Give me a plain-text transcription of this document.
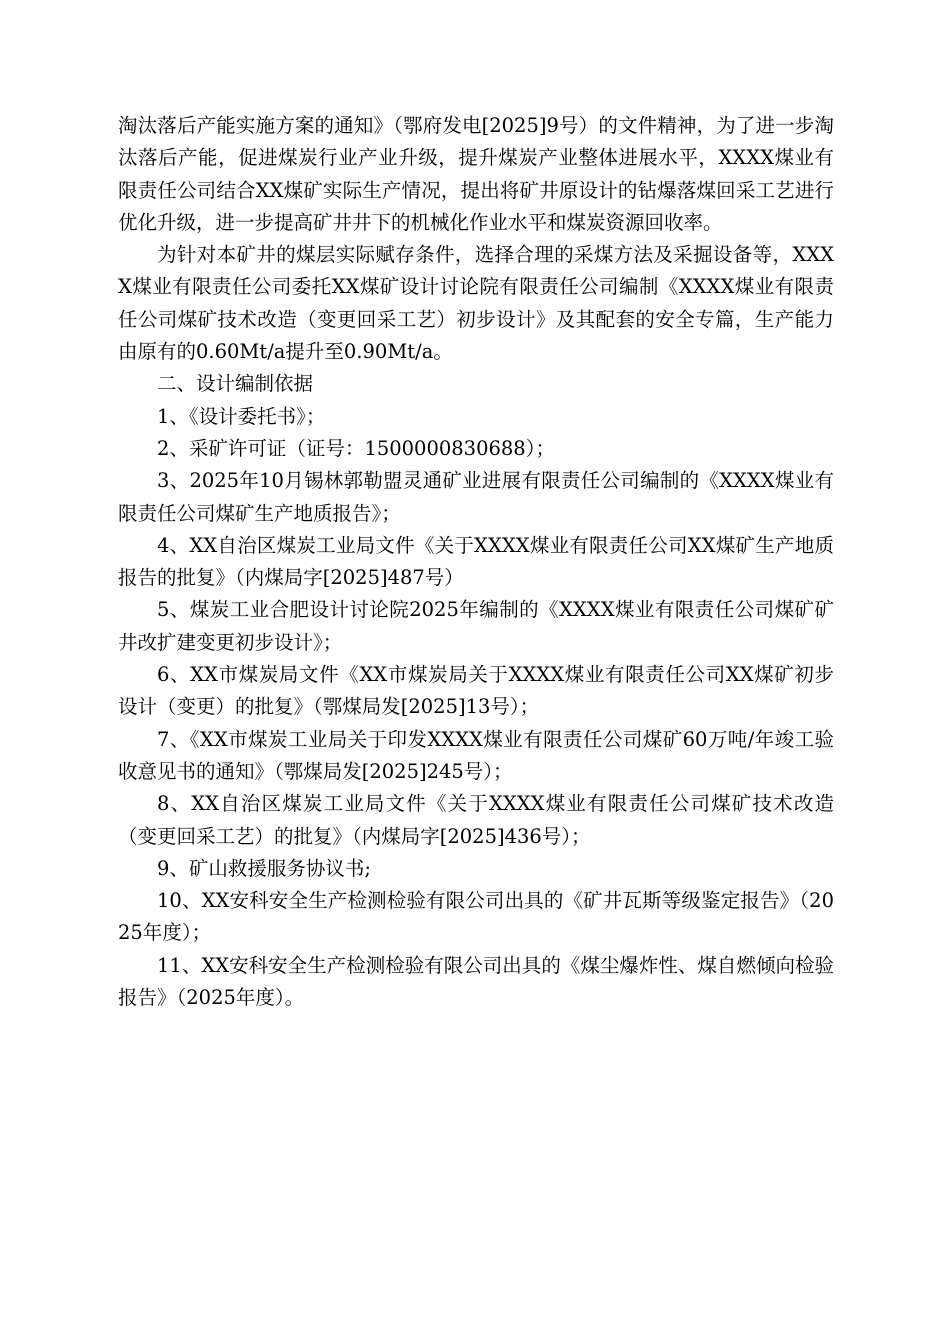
淘汰落后产能实施方案的通知》（鄂府发电[2025]9号）的文件精神，为了进一步淘汰落后产能，促进煤炭行业产业升级，提升煤炭产业整体进展水平，XXXX煤业有限责任公司结合XX煤矿实际生产情况，提出将矿井原设计的钻爆落煤回采工艺进行优化升级，进一步提高矿井井下的机械化作业水平和煤炭资源回收率。

为针对本矿井的煤层实际赋存条件，选择合理的采煤方法及采掘设备等，XXXX煤业有限责任公司委托XX煤矿设计讨论院有限责任公司编制《XXXX煤业有限责任公司煤矿技术改造（变更回采工艺）初步设计》及其配套的安全专篇，生产能力由原有的0.60Mt/a提升至0.90Mt/a。

二、设计编制依据

1、《设计委托书》；

2、采矿许可证（证号：1500000830688）；

3、2025年10月锡林郭勒盟灵通矿业进展有限责任公司编制的《XXXX煤业有限责任公司煤矿生产地质报告》；

4、XX自治区煤炭工业局文件《关于XXXX煤业有限责任公司XX煤矿生产地质报告的批复》（内煤局字[2025]487号）

5、煤炭工业合肥设计讨论院2025年编制的《XXXX煤业有限责任公司煤矿矿井改扩建变更初步设计》；

6、XX市煤炭局文件《XX市煤炭局关于XXXX煤业有限责任公司XX煤矿初步设计（变更）的批复》（鄂煤局发[2025]13号）；

7、《XX市煤炭工业局关于印发XXXX煤业有限责任公司煤矿60万吨/年竣工验收意见书的通知》（鄂煤局发[2025]245号）；

8、XX自治区煤炭工业局文件《关于XXXX煤业有限责任公司煤矿技术改造（变更回采工艺）的批复》（内煤局字[2025]436号）；

9、矿山救援服务协议书;

10、XX安科安全生产检测检验有限公司出具的《矿井瓦斯等级鉴定报告》（2025年度）；

11、XX安科安全生产检测检验有限公司出具的《煤尘爆炸性、煤自燃倾向检验报告》（2025年度）。
